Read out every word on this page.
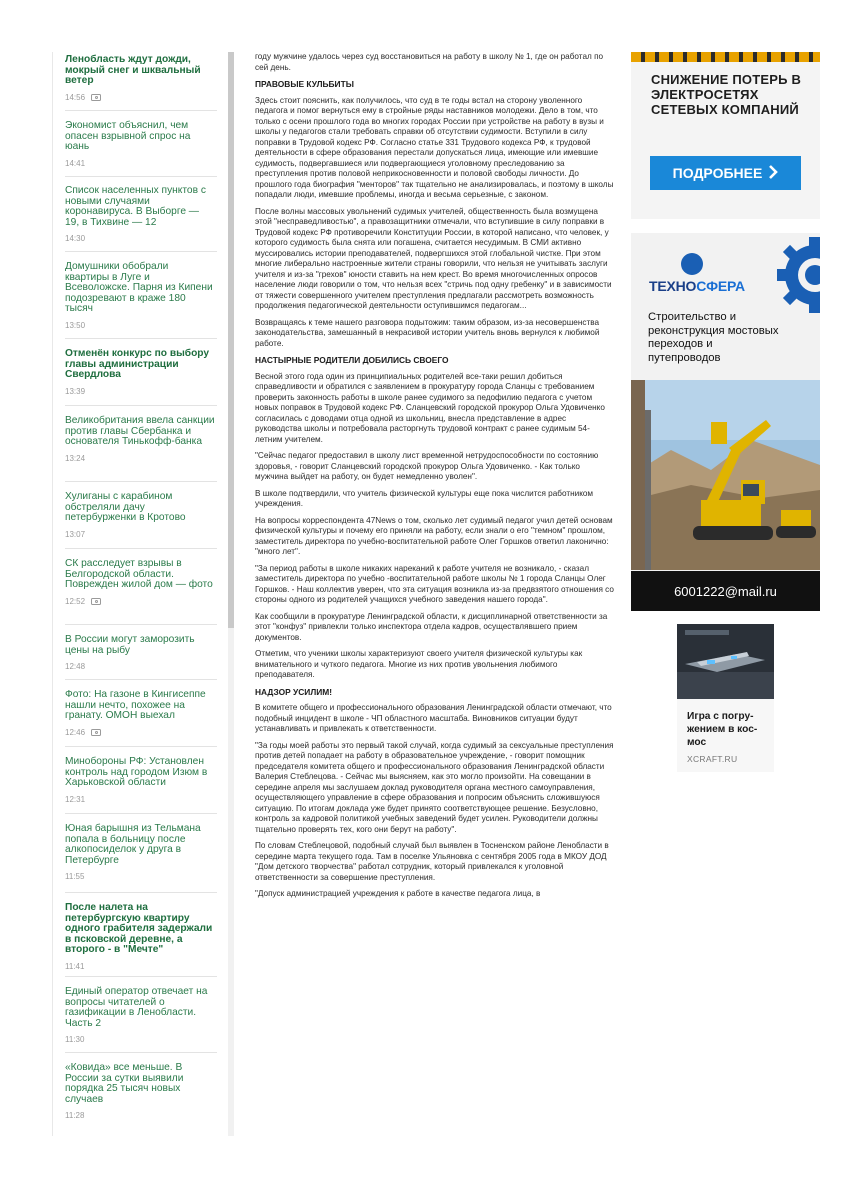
Ленобласть ждут дожди, мокрый снег и шквальный ветер
14:56
Экономист объяснил, чем опасен взрывной спрос на юань
14:41
Список населенных пунктов с новыми случаями коронавируса. В Выборге — 19, в Тихвине — 12
14:30
Домушники обобрали квартиры в Луге и Всеволожске. Парня из Кипени подозревают в краже 180 тысяч
13:50
Отменён конкурс по выбору главы администрации Свердлова
13:39
Великобритания ввела санкции против главы Сбербанка и основателя Тинькофф-банка
13:24
Хулиганы с карабином обстреляли дачу петербурженки в Кротово
13:07
СК расследует взрывы в Белгородской области. Поврежден жилой дом — фото
12:52
В России могут заморозить цены на рыбу
12:48
Фото: На газоне в Кингисеппе нашли нечто, похожее на гранату. ОМОН выехал
12:46
Минобороны РФ: Установлен контроль над городом Изюм в Харьковской области
12:31
Юная барышня из Тельмана попала в больницу после алкопосиделок у друга в Петербурге
11:55
После налета на петербургскую квартиру одного грабителя задержали в псковской деревне, а второго - в "Мечте"
11:41
Единый оператор отвечает на вопросы читателей о газификации в Ленобласти. Часть 2
11:30
«Ковида» все меньше. В России за сутки выявили порядка 25 тысяч новых случаев
11:28

году мужчине удалось через суд восстановиться на работу в школу № 1, где он работал по сей день.

ПРАВОВЫЕ КУЛЬБИТЫ

Здесь стоит пояснить, как получилось, что суд в те годы встал на сторону уволенного педагога и помог вернуться ему в стройные ряды наставников молодежи. Дело в том, что только с осени прошлого года во многих городах России при устройстве на работу в вузы и школы у педагогов стали требовать справки об отсутствии судимости. Вступили в силу поправки в Трудовой кодекс РФ. Согласно статье 331 Трудового кодекса РФ, к трудовой деятельности в сфере образования перестали допускаться лица, имеющие или имевшие судимость, подвергавшиеся или подвергающиеся уголовному преследованию за преступления против половой неприкосновенности и половой свободы личности. До прошлого года биография "менторов" так тщательно не анализировалась, и поэтому в школы попадали люди, имевшие проблемы, иногда и весьма серьезные, с законом.

После волны массовых увольнений судимых учителей, общественность была возмущена этой "несправедливостью", а правозащитники отмечали, что вступившие в силу поправки в Трудовой кодекс РФ противоречили Конституции России, в которой написано, что человек, у которого судимость была снята или погашена, считается несудимым. В СМИ активно муссировались истории преподавателей, подвергшихся этой глобальной чистке. При этом многие либерально настроенные жители страны говорили, что нельзя не учитывать заслуги учителя и из-за "грехов" юности ставить на нем крест. Во время многочисленных опросов население люди говорили о том, что нельзя всех "стричь под одну гребенку" и в зависимости от тяжести совершенного учителем преступления предлагали рассмотреть возможность продолжения педагогической деятельности оступившимся педагогам...

Возвращаясь к теме нашего разговора подытожим: таким образом, из-за несовершенства законодательства, замешанный в некрасивой истории учитель вновь вернулся к любимой работе.

НАСТЫРНЫЕ РОДИТЕЛИ ДОБИЛИСЬ СВОЕГО

Весной этого года один из принципиальных родителей все-таки решил добиться справедливости и обратился с заявлением в прокуратуру города Сланцы с требованием проверить законность работы в школе ранее судимого за педофилию педагога с учетом новых поправок в Трудовой кодекс РФ. Сланцевский городской прокурор Ольга Удовиченко согласилась с доводами отца одной из школьниц, внесла представление в адрес руководства школы и потребовала расторгнуть трудовой контракт с ранее судимым 54-летним учителем.

"Сейчас педагог предоставил в школу лист временной нетрудоспособности по состоянию здоровья, - говорит Сланцевский городской прокурор Ольга Удовиченко. - Как только мужчина выйдет на работу, он будет немедленно уволен".

В школе подтвердили, что учитель физической культуры еще пока числится работником учреждения.

На вопросы корреспондента 47News о том, сколько лет судимый педагог учил детей основам физической культуры и почему его приняли на работу, если знали о его "темном" прошлом, заместитель директора по учебно-воспитательной работе Олег Горшков ответил лаконично: "много лет".

"За период работы в школе никаких нареканий к работе учителя не возникало, - сказал заместитель директора по учебно -воспитательной работе школы № 1 города Сланцы Олег Горшков. - Наш коллектив уверен, что эта ситуация возникла из-за предвзятого отношения со стороны одного из родителей учащихся учебного заведения нашего города".

Как сообщили в прокуратуре Ленинградской области, к дисциплинарной ответственности за этот "конфуз" привлекли только инспектора отдела кадров, осуществлявшего прием документов.

Отметим, что ученики школы характеризуют своего учителя физической культуры как внимательного и чуткого педагога. Многие из них против увольнения любимого преподавателя.

НАДЗОР УСИЛИМ!

В комитете общего и профессионального образования Ленинградской области отмечают, что подобный инцидент в школе - ЧП областного масштаба. Виновников ситуации будут устанавливать и привлекать к ответственности.

"За годы моей работы это первый такой случай, когда судимый за сексуальные преступления против детей попадает на работу в образовательное учреждение, - говорит помощник председателя комитета общего и профессионального образования Ленинградской области Валерия Стеблецова. - Сейчас мы выясняем, как это могло произойти. На совещании в середине апреля мы заслушаем доклад руководителя органа местного самоуправления, осуществляющего управление в сфере образования и попросим объяснить сложившуюся ситуацию. По итогам доклада уже будет принято соответствующее решение. Безусловно, контроль за кадровой политикой учебных заведений будет усилен. Руководители должны тщательно проверять тех, кого они берут на работу".

По словам Стеблецовой, подобный случай был выявлен в Тосненском районе Ленобласти в середине марта текущего года. Там в поселке Ульяновка с сентября 2005 года в МКОУ ДОД "Дом детского творчества" работал сотрудник, который привлекался к уголовной ответственности за совершение преступления.

"Допуск администрацией учреждения к работе в качестве педагога лица, в

СНИЖЕНИЕ ПОТЕРЬ В ЭЛЕКТРОСЕТЯХ СЕТЕВЫХ КОМПАНИЙ
ПОДРОБНЕЕ
ТЕХНОСФЕРА
Строительство и реконструкция мостовых переходов и путепроводов
6001222@mail.ru
Игра с погружением в космос
XCRAFT.RU
